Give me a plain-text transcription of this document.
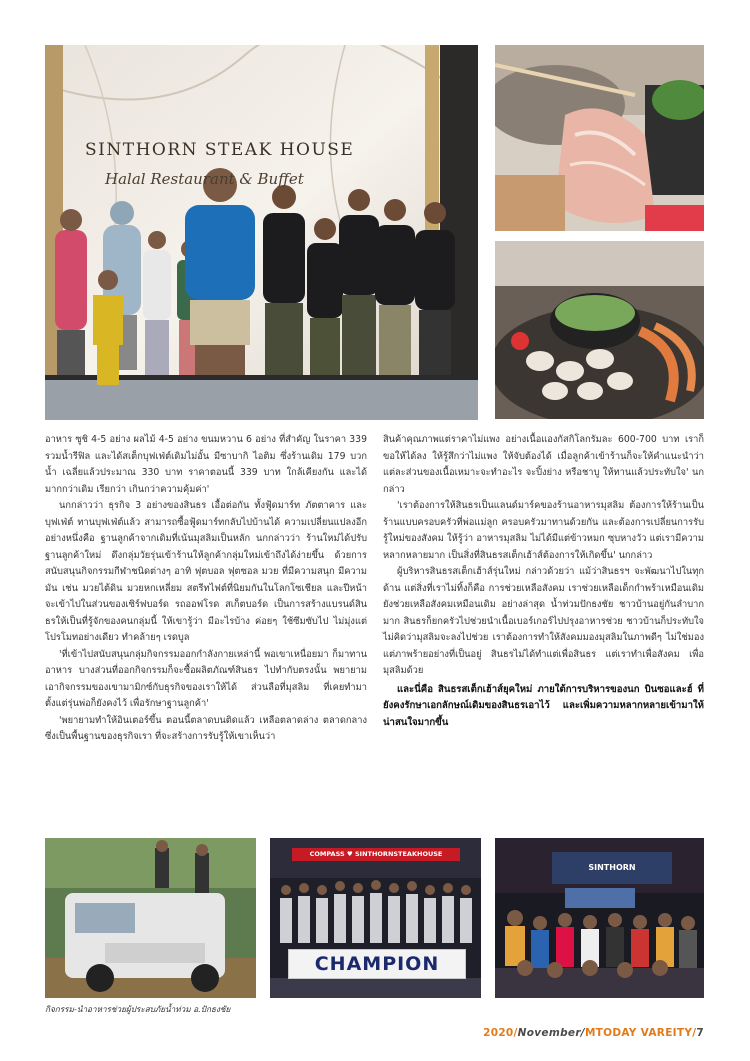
SINTHORN STEAK HOUSE
Halal Restaurant & Buffet

อาหาร ซูชิ 4-5 อย่าง ผลไม้ 4-5 อย่าง ขนมหวาน 6 อย่าง ที่สำคัญ ในราคา 339 รวมน้ำรีฟิล และได้สเต็กบุฟเฟ่ต์เดิมไม่อั้น มีซาบากิ ไอติม ซึ่งร้านเดิม 179 บวกน้ำ เฉลี่ยแล้วประมาณ 330 บาท ราคาตอนนี้ 339 บาท ใกล้เคียงกัน และได้มากกว่าเดิม เรียกว่า เกินกว่าความคุ้มค่า'

นกกล่าวว่า ธุรกิจ 3 อย่างของสินธร เอื้อต่อกัน ทั้งฟู้ดมาร์ท ภัตตาคาร และบุฟเฟ่ต์ ทานบุฟเฟ่ต์แล้ว สามารถซื้อฟู้ดมาร์ทกลับไปบ้านได้ ความเปลี่ยนแปลงอีกอย่างหนึ่งคือ ฐานลูกค้าจากเดิมที่เน้นมุสลิมเป็นหลัก นกกล่าวว่า ร้านใหม่ได้ปรับฐานลูกค้าใหม่ ดึงกลุ่มวัยรุ่นเข้าร้านให้ลูกค้ากลุ่มใหม่เข้าถึงได้ง่ายขึ้น ด้วยการสนับสนุนกิจกรรมกีฬาชนิดต่างๆ อาทิ ฟุตบอล ฟุตซอล มวย ที่มีความสนุก มีความมัน เช่น มวยไต้ดิน มวยหกเหลี่ยม สตรีทไฟต์ที่นิยมกันในโลกโซเชียล และปีหน้าจะเข้าไปในส่วนของเซิร์ฟบอร์ด รถออฟโรด สเก็ตบอร์ด เป็นการสร้างแบรนด์สินธรให้เป็นที่รู้จักของคนกลุ่มนี้ ให้เขารู้ว่า มีอะไรบ้าง ค่อยๆ ใช้ซึมซับไป ไม่มุ่งแต่โปรโมทอย่างเดียว ทำคล้ายๆ เรดบูล

'ที่เข้าไปสนับสนุนกลุ่มกิจกรรมออกกำลังกายเหล่านี้ พอเขาเหนื่อยมา ก็มาทานอาหาร บางส่วนที่ออกกิจกรรมก็จะซื้อผลิตภัณฑ์สินธร ไปทำกับตรงนั้น พยายามเอากิจกรรมของเขามามิกซ์กับธุรกิจของเราให้ได้ ส่วนลือที่มุสลิม ที่เคยทำมาตั้งแต่รุ่นพ่อก็ยังคงไว้ เพื่อรักษาฐานลูกค้า'

'พยายามทำให้อินเตอร์ขึ้น ตอนนี้ตลาดบนติดแล้ว เหลือตลาดล่าง ตลาดกลาง ซึ่งเป็นพื้นฐานของธุรกิจเรา ที่จะสร้างการรับรู้ให้เขาเห็นว่า

สินค้าคุณภาพแต่ราคาไม่แพง อย่างเนื้อแองกัสกิโลกรัมละ 600-700 บาท เราก็ขอให้ได้ลง ให้รู้สึกว่าไม่แพง ให้จับต้องได้ เมื่อลูกค้าเข้าร้านก็จะให้คำแนะนำว่า แต่ละส่วนของเนื้อเหมาะจะทำอะไร จะปิ้งย่าง หรือชาบู ให้ทานแล้วประทับใจ' นกกล่าว

'เราต้องการให้สินธรเป็นแลนด์มาร์คของร้านอาหารมุสลิม ต้องการให้ร้านเป็นร้านแบบครอบครัวที่พ่อแม่ลูก ครอบครัวมาทานด้วยกัน และต้องการเปลี่ยนการรับรู้ใหม่ของสังคม ให้รู้ว่า อาหารมุสลิม ไม่ได้มีแต่ข้าวหมก ซุบหางวัว แต่เรามีความหลากหลายมาก เป็นสิ่งที่สินธรสเต็กเฮ้าส์ต้องการให้เกิดขึ้น' นกกล่าว

ผู้บริหารสินธรสเต็กเฮ้าส์รุ่นใหม่ กล่าวด้วยว่า แม้ว่าสินธรฯ จะพัฒนาไปในทุกด้าน แต่สิ่งที่เราไม่ทิ้งก็คือ การช่วยเหลือสังคม เราช่วยเหลือเด็กกำพร้าเหมือนเดิม ยังช่วยเหลือสังคมเหมือนเดิม อย่างล่าสุด น้ำท่วมปักธงชัย ชาวบ้านอยู่กันลำบากมาก สินธรก็ยกครัวไปช่วยนำเนื้อเบอร์เกอร์ไปปรุงอาหารช่วย ชาวบ้านก็ประทับใจ ไม่คิดว่ามุสลิมจะลงไปช่วย เราต้องการทำให้สังคมมองมุสลิมในภาพดีๆ ไม่ใช่มองแต่ภาพร้ายอย่างที่เป็นอยู่ สินธรไม่ได้ทำแต่เพื่อสินธร แต่เราทำเพื่อสังคม เพื่อมุสลิมด้วย

และนี่คือ สินธรสเต็กเฮ้าส์ยุคใหม่ ภายใต้การบริหารของนก บินซอและฮ์ ที่ยังคงรักษาเอกลักษณ์เดิมของสินธรเอาไว้ และเพิ่มความหลากหลายเข้ามาให้น่าสนใจมากขึ้น

COMPASS ♥ SINTHORNSTEAKHOUSE
CHAMPION
SINTHORN
กิจกรรม-นำอาหารช่วยผู้ประสบภัยน้ำท่วม อ.ปักธงชัย
2020/November/MTODAY VAREITY/7
